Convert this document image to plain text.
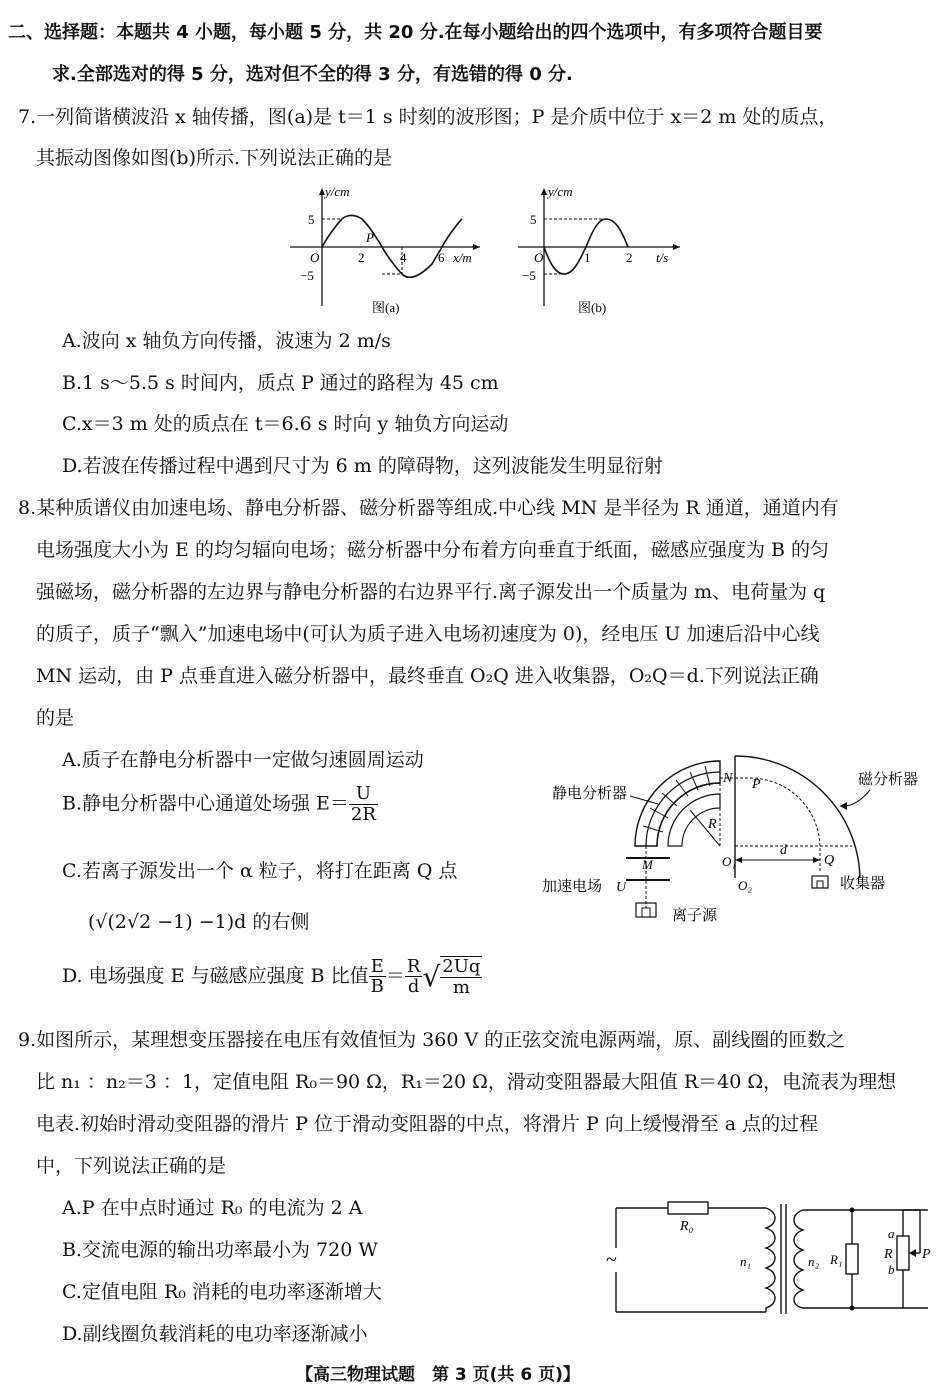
二、选择题：本题共 4 小题，每小题 5 分，共 20 分.在每小题给出的四个选项中，有多项符合题目要
求.全部选对的得 5 分，选对但不全的得 3 分，有选错的得 0 分.
7.一列简谐横波沿 x 轴传播，图(a)是 t＝1 s 时刻的波形图；P 是介质中位于 x＝2 m 处的质点，
其振动图像如图(b)所示.下列说法正确的是
y/cm
5
−5
O	2	4 6 x/m
P
图(a)
y/cm
5
−5
O	1	2 t/s
图(b)
A.波向 x 轴负方向传播，波速为 2 m/s
B.1 s～5.5 s 时间内，质点 P 通过的路程为 45 cm
C.x＝3 m 处的质点在 t＝6.6 s 时向 y 轴负方向运动
D.若波在传播过程中遇到尺寸为 6 m 的障碍物，这列波能发生明显衍射
8.某种质谱仪由加速电场、静电分析器、磁分析器等组成.中心线 MN 是半径为 R 通道，通道内有
电场强度大小为 E 的均匀辐向电场；磁分析器中分布着方向垂直于纸面，磁感应强度为 B 的匀
强磁场，磁分析器的左边界与静电分析器的右边界平行.离子源发出一个质量为 m、电荷量为 q
的质子，质子“飘入”加速电场中(可认为质子进入电场初速度为 0)，经电压 U 加速后沿中心线
MN 运动，由 P 点垂直进入磁分析器中，最终垂直 O₂Q 进入收集器，O₂Q＝d.下列说法正确
的是
A.质子在静电分析器中一定做匀速圆周运动
B.静电分析器中心通道处场强 $E= \frac{U}{2R}$
C.若离子源发出一个 α 粒子，将打在距离 Q 点
(√(2√2 −1) −1)d 的右侧
D. 电场强度 E 与磁感应强度 B 比值 $\frac{E}{B} = \frac{R}{d}$ √ $\frac{2Uq}{m}$
静电分析器
磁分析器
加速电场 U
离子源
收集器
N P
R
M	O₁
O₂
d
Q
9.如图所示，某理想变压器接在电压有效值恒为 360 V 的正弦交流电源两端，原、副线圈的匝数之
比 n₁ ：n₂＝3 ：1，定值电阻 R₀＝90 Ω，R₁＝20 Ω，滑动变阻器最大阻值 R＝40 Ω，电流表为理想
电表.初始时滑动变阻器的滑片 P 位于滑动变阻器的中点，将滑片 P 向上缓慢滑至 a 点的过程
中，下列说法正确的是
A.P 在中点时通过 R₀ 的电流为 2 A
B.交流电源的输出功率最小为 720 W
C.定值电阻 R₀ 消耗的电功率逐渐增大
D.副线圈负载消耗的电功率逐渐减小
~
R₀
n₁	n₂ R₁
a
R
b
P
【高三物理试题　第 3 页(共 6 页)】
